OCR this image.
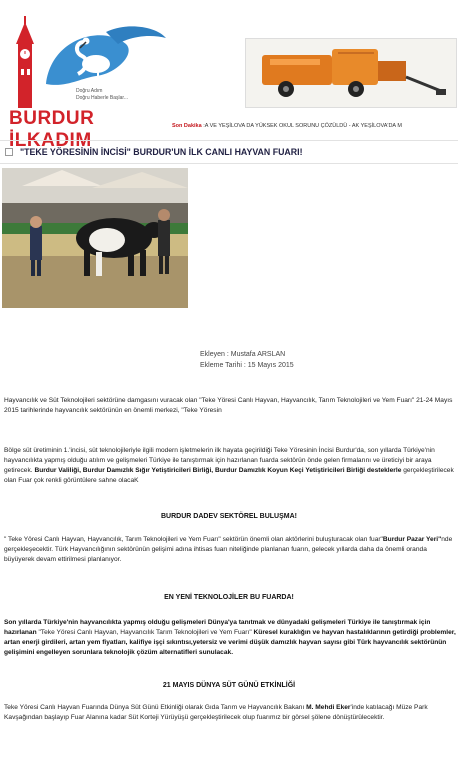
Doğru Adım
Doğru Haberle Başlar...
BURDUR İLKADIM
Son Dakika :A VE YEŞİLOVA DA YÜKSEK OKUL SORUNU ÇÖZÜLDÜ - AK YEŞİLOVA'DA M
"TEKE YÖRESİNİN İNCİSİ" BURDUR'UN İLK CANLI HAYVAN FUARI!
Ekleyen : Mustafa ARSLAN
Ekleme Tarihi : 15 Mayıs 2015

Hayvancılık ve Süt Teknolojileri sektörüne damgasını vuracak olan "Teke Yöresi Canlı Hayvan, Hayvancılık, Tarım Teknolojileri ve Yem Fuarı" 21-24 Mayıs 2015 tarihlerinde hayvancılık sektörünün en önemli merkezi, "Teke Yöresin

Bölge süt üretiminin 1.'incisi, süt teknolojileriyle ilgili modern işletmelerin ilk hayata geçirildiği Teke Yöresinin İncisi Burdur'da, son yıllarda Türkiye'nin hayvancılıkta yapmış olduğu atılım ve gelişmeleri Türkiye ile tanıştırmak için hazırlanan fuarda sektörün önde gelen firmalarını ve üreticiyi bir araya getirecek. Burdur Valiliği, Burdur Damızlık Sığır Yetiştiricileri Birliği, Burdur Damızlık Koyun Keçi Yetiştiricileri Birliği desteklerle gerçekleştirilecek olan Fuar çok renkli görüntülere sahne olacaK

BURDUR DADEV SEKTÖREL BULUŞMA!

" Teke Yöresi Canlı Hayvan, Hayvancılık, Tarım Teknolojileri ve Yem Fuarı" sektörün önemli olan aktörlerini buluşturacak olan fuar"Burdur Pazar Yeri"nde gerçekleşecektir. Türk Hayvancılığının sektörünün gelişimi adına ihtisas fuarı niteliğinde planlanan fuarın, gelecek yıllarda daha da önemli oranda büyüyerek devam ettirilmesi planlanıyor.

EN YENİ TEKNOLOJİLER BU FUARDA!

Son yıllarda Türkiye'nin hayvancılıkta yapmış olduğu gelişmeleri Dünya'ya tanıtmak ve dünyadaki gelişmeleri Türkiye ile tanıştırmak için hazırlanan "Teke Yöresi Canlı Hayvan, Hayvancılık Tarım Teknolojileri ve Yem Fuarı" Küresel kuraklığın ve hayvan hastalıklarının getirdiği problemler, artan enerji girdileri, artan yem fiyatları, kalifiye işçi sıkıntısı,yetersiz ve verimi düşük damızlık hayvan sayısı gibi Türk hayvancılık sektörünün gelişimini engelleyen sorunlara teknolojik çözüm alternatifleri sunulacak.

21 MAYIS DÜNYA SÜT GÜNÜ ETKİNLİĞİ

Teke Yöresi Canlı Hayvan Fuarında Dünya Süt Günü Etkinliği olarak Gıda Tarım ve Hayvancılık Bakanı M. Mehdi Eker'inde katılacağı Müze Park Kavşağından başlayıp Fuar Alanına kadar Süt Korteji Yürüyüşü gerçekleştirilecek olup fuarımız bir görsel şölene dönüştürülecektir.
